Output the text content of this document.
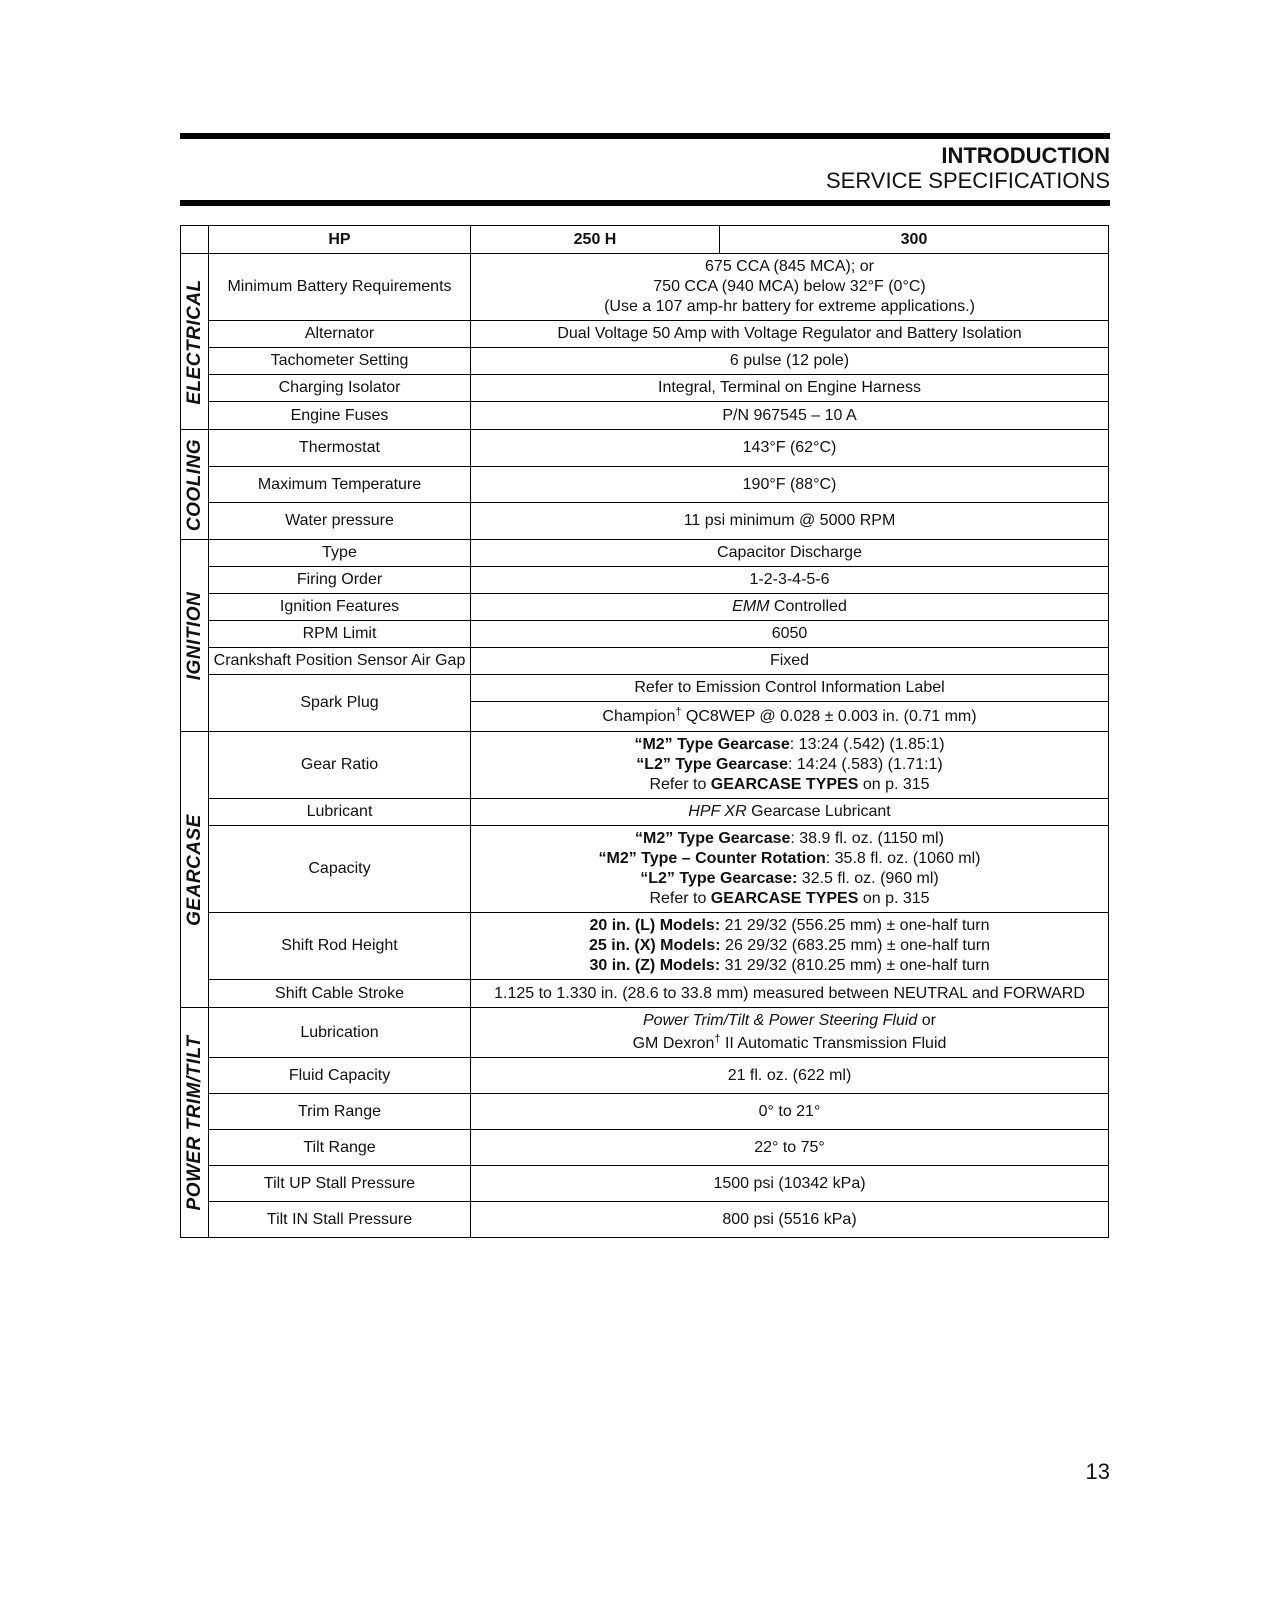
INTRODUCTION
SERVICE SPECIFICATIONS
	HP	250 H	300

ELECTRICAL	Minimum Battery Requirements	675 CCA (845 MCA); or
750 CCA (940 MCA) below 32°F (0°C)
(Use a 107 amp-hr battery for extreme applications.)	

	Alternator	Dual Voltage 50 Amp with Voltage Regulator and Battery Isolation	
	Tachometer Setting	6 pulse (12 pole)	
	Charging Isolator	Integral, Terminal on Engine Harness	
	Engine Fuses	P/N 967545 – 10 A	

COOLING	Thermostat	143°F (62°C)	
	Maximum Temperature	190°F (88°C)	
	Water pressure	11 psi minimum @ 5000 RPM	

IGNITION	Type	Capacitor Discharge	
	Firing Order	1-2-3-4-5-6	
	Ignition Features	EMM Controlled	
	RPM Limit	6050	
	Crankshaft Position Sensor Air Gap	Fixed	
	Spark Plug	Refer to Emission Control Information Label	
		Champion† QC8WEP @ 0.028 ± 0.003 in. (0.71 mm)	

GEARCASE	Gear Ratio	“M2” Type Gearcase: 13:24 (.542) (1.85:1)
“L2” Type Gearcase: 14:24 (.583) (1.71:1)
Refer to GEARCASE TYPES on p. 315	

	Lubricant	HPF XR Gearcase Lubricant	
	Capacity	“M2” Type Gearcase: 38.9 fl. oz. (1150 ml)
“M2” Type – Counter Rotation: 35.8 fl. oz. (1060 ml)
“L2” Type Gearcase: 32.5 fl. oz. (960 ml)
Refer to GEARCASE TYPES on p. 315	

	Shift Rod Height	20 in. (L) Models: 21 29/32 (556.25 mm) ± one-half turn
25 in. (X) Models: 26 29/32 (683.25 mm) ± one-half turn
30 in. (Z) Models: 31 29/32 (810.25 mm) ± one-half turn	

	Shift Cable Stroke	1.125 to 1.330 in. (28.6 to 33.8 mm) measured between NEUTRAL and FORWARD	

POWER TRIM/TILT	Lubrication	Power Trim/Tilt & Power Steering Fluid or
GM Dexron† II Automatic Transmission Fluid	

	Fluid Capacity	21 fl. oz. (622 ml)	
	Trim Range	0° to 21°	
	Tilt Range	22° to 75°	
	Tilt UP Stall Pressure	1500 psi (10342 kPa)	
	Tilt IN Stall Pressure	800 psi (5516 kPa)	
13
